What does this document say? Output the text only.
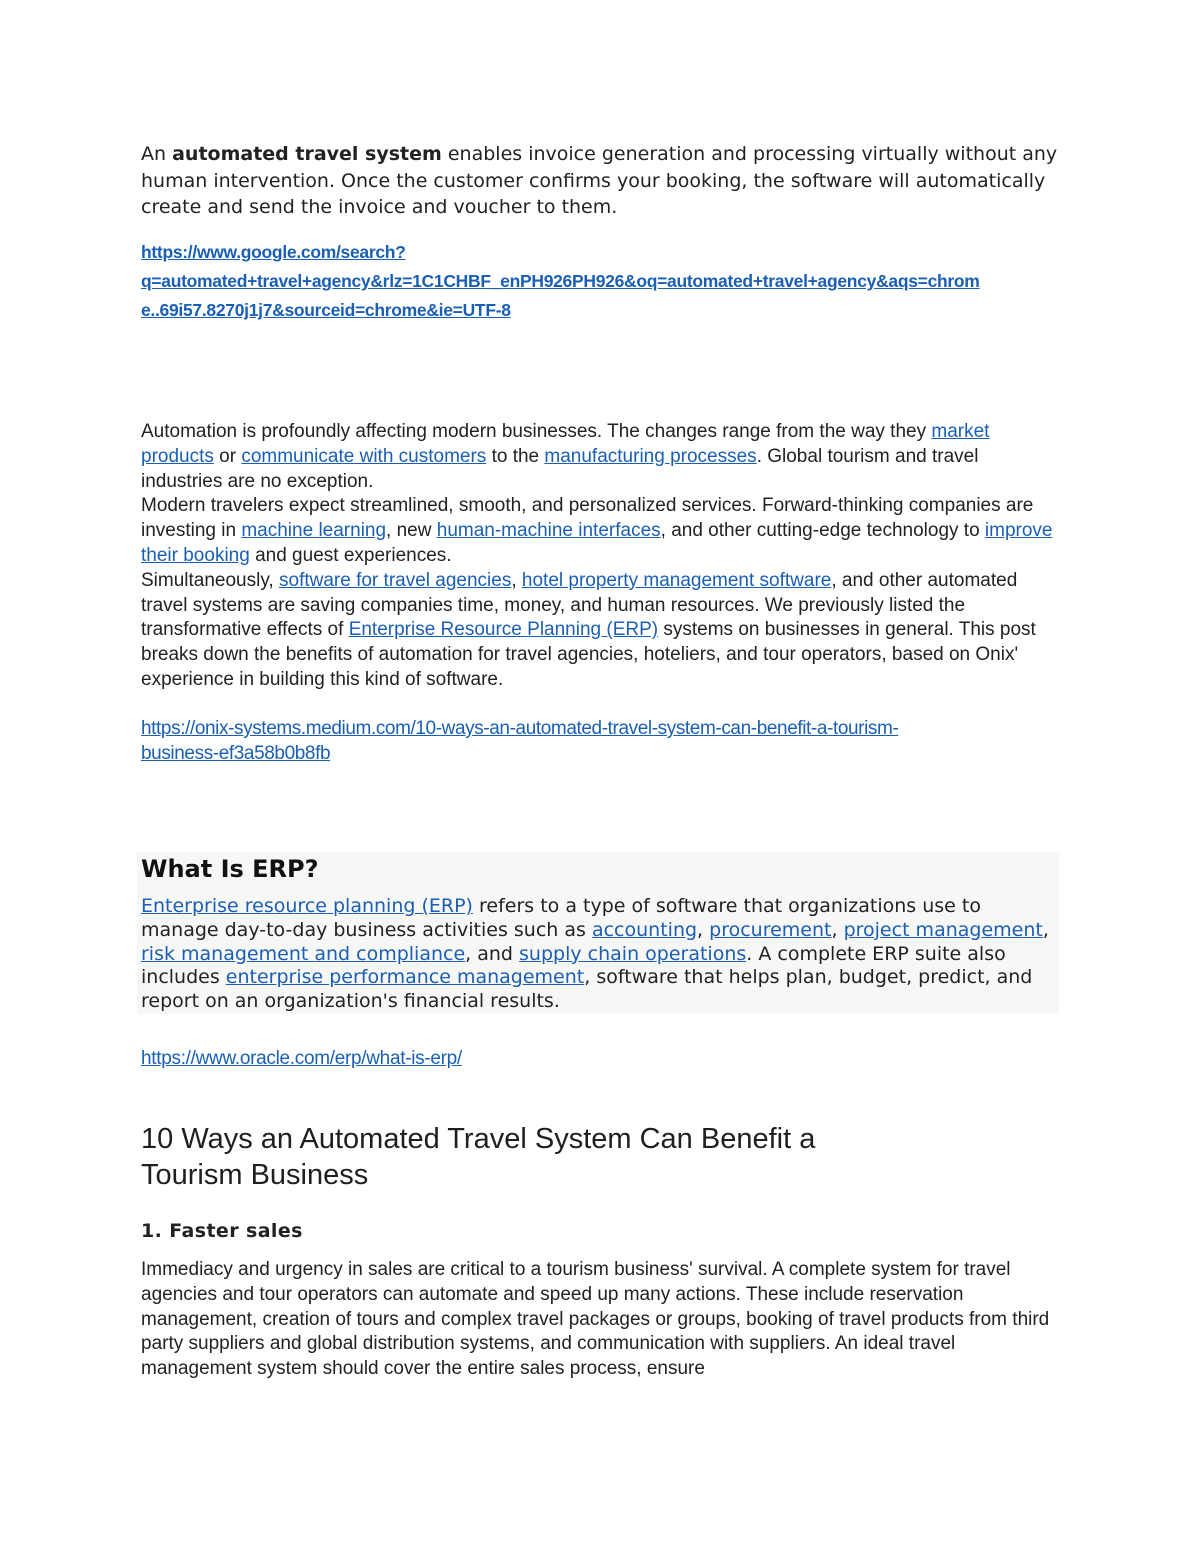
An automated travel system enables invoice generation and processing virtually without any human intervention. Once the customer confirms your booking, the software will automatically create and send the invoice and voucher to them.

https://www.google.com/search?
q=automated+travel+agency&rlz=1C1CHBF_enPH926PH926&oq=automated+travel+agency&aqs=chrom
e..69i57.8270j1j7&sourceid=chrome&ie=UTF-8

Automation is profoundly affecting modern businesses. The changes range from the way they market products or communicate with customers to the manufacturing processes. Global tourism and travel industries are no exception.
Modern travelers expect streamlined, smooth, and personalized services. Forward-thinking companies are investing in machine learning, new human-machine interfaces, and other cutting-edge technology to improve their booking and guest experiences.
Simultaneously, software for travel agencies, hotel property management software, and other automated travel systems are saving companies time, money, and human resources. We previously listed the transformative effects of Enterprise Resource Planning (ERP) systems on businesses in general. This post breaks down the benefits of automation for travel agencies, hoteliers, and tour operators, based on Onix' experience in building this kind of software.

https://onix-systems.medium.com/10-ways-an-automated-travel-system-can-benefit-a-tourism-
business-ef3a58b0b8fb
What Is ERP?

Enterprise resource planning (ERP) refers to a type of software that organizations use to manage day-to-day business activities such as accounting, procurement, project management, risk management and compliance, and supply chain operations. A complete ERP suite also includes enterprise performance management, software that helps plan, budget, predict, and report on an organization's financial results.

https://www.oracle.com/erp/what-is-erp/
10 Ways an Automated Travel System Can Benefit a
Tourism Business
1. Faster sales

Immediacy and urgency in sales are critical to a tourism business' survival. A complete system for travel agencies and tour operators can automate and speed up many actions. These include reservation management, creation of tours and complex travel packages or groups, booking of travel products from third party suppliers and global distribution systems, and communication with suppliers. An ideal travel management system should cover the entire sales process, ensure
